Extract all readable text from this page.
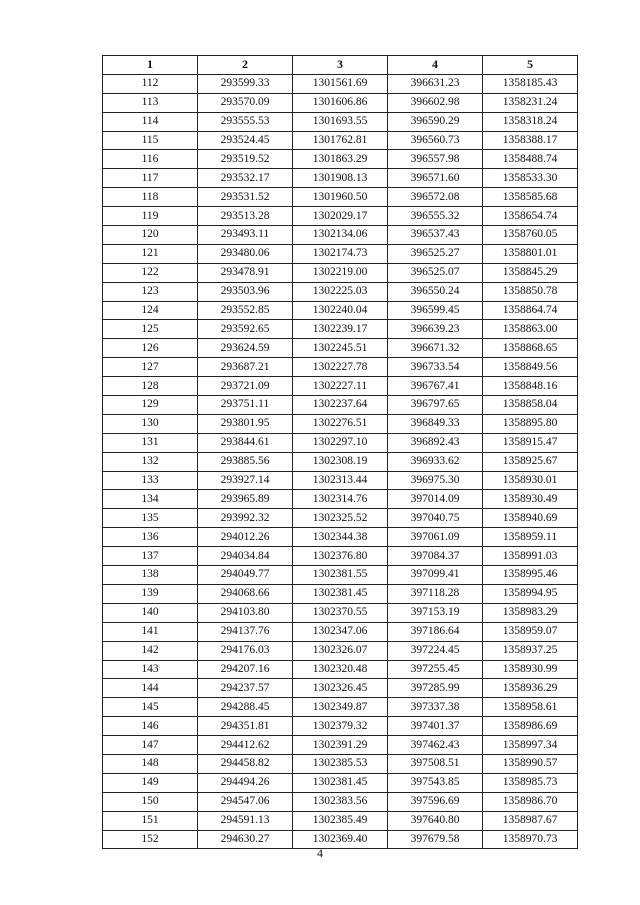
1	2	3	4	5
112	293599.33	1301561.69	396631.23	1358185.43
113	293570.09	1301606.86	396602.98	1358231.24
114	293555.53	1301693.55	396590.29	1358318.24
115	293524.45	1301762.81	396560.73	1358388.17
116	293519.52	1301863.29	396557.98	1358488.74
117	293532.17	1301908.13	396571.60	1358533.30
118	293531.52	1301960.50	396572.08	1358585.68
119	293513.28	1302029.17	396555.32	1358654.74
120	293493.11	1302134.06	396537.43	1358760.05
121	293480.06	1302174.73	396525.27	1358801.01
122	293478.91	1302219.00	396525.07	1358845.29
123	293503.96	1302225.03	396550.24	1358850.78
124	293552.85	1302240.04	396599.45	1358864.74
125	293592.65	1302239.17	396639.23	1358863.00
126	293624.59	1302245.51	396671.32	1358868.65
127	293687.21	1302227.78	396733.54	1358849.56
128	293721.09	1302227.11	396767.41	1358848.16
129	293751.11	1302237.64	396797.65	1358858.04
130	293801.95	1302276.51	396849.33	1358895.80
131	293844.61	1302297.10	396892.43	1358915.47
132	293885.56	1302308.19	396933.62	1358925.67
133	293927.14	1302313.44	396975.30	1358930.01
134	293965.89	1302314.76	397014.09	1358930.49
135	293992.32	1302325.52	397040.75	1358940.69
136	294012.26	1302344.38	397061.09	1358959.11
137	294034.84	1302376.80	397084.37	1358991.03
138	294049.77	1302381.55	397099.41	1358995.46
139	294068.66	1302381.45	397118.28	1358994.95
140	294103.80	1302370.55	397153.19	1358983.29
141	294137.76	1302347.06	397186.64	1358959.07
142	294176.03	1302326.07	397224.45	1358937.25
143	294207.16	1302320.48	397255.45	1358930.99
144	294237.57	1302326.45	397285.99	1358936.29
145	294288.45	1302349.87	397337.38	1358958.61
146	294351.81	1302379.32	397401.37	1358986.69
147	294412.62	1302391.29	397462.43	1358997.34
148	294458.82	1302385.53	397508.51	1358990.57
149	294494.26	1302381.45	397543.85	1358985.73
150	294547.06	1302383.56	397596.69	1358986.70
151	294591.13	1302385.49	397640.80	1358987.67
152	294630.27	1302369.40	397679.58	1358970.73
4
